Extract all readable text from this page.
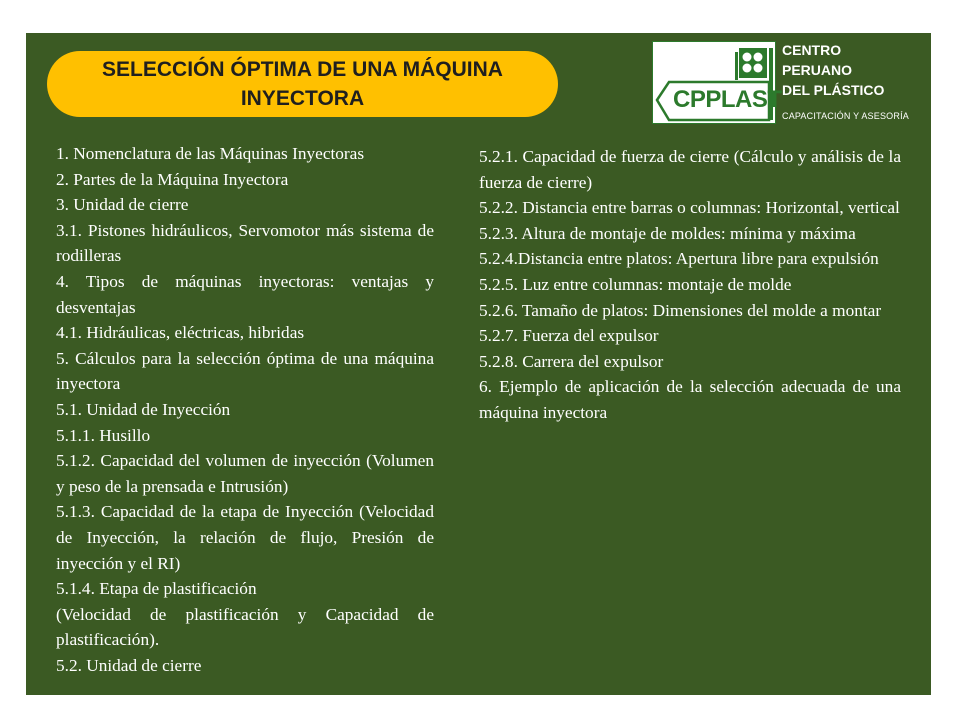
SELECCIÓN ÓPTIMA DE UNA MÁQUINA INYECTORA	CPPLAST
CENTRO
PERUANO
DEL PLÁSTICO
CAPACITACIÓN Y ASESORÍA
1. Nomenclatura de las Máquinas Inyectoras
2. Partes de la Máquina Inyectora
3. Unidad de cierre
3.1. Pistones hidráulicos, Servomotor más sistema de rodilleras
4. Tipos de máquinas inyectoras: ventajas y desventajas
4.1. Hidráulicas, eléctricas, hibridas
5. Cálculos para la selección óptima de una máquina inyectora
5.1. Unidad de Inyección
5.1.1. Husillo
5.1.2. Capacidad del volumen de inyección (Volumen y peso de la prensada e Intrusión)
5.1.3. Capacidad de la etapa de Inyección (Velocidad de Inyección, la relación de flujo, Presión de inyección y el RI)
5.1.4. Etapa de plastificación
(Velocidad de plastificación y Capacidad de plastificación).
5.2. Unidad de cierre
5.2.1. Capacidad de fuerza de cierre (Cálculo y análisis de la fuerza de cierre)
5.2.2. Distancia entre barras o columnas: Horizontal, vertical
5.2.3. Altura de montaje de moldes: mínima y máxima
5.2.4.Distancia entre platos: Apertura libre para expulsión
5.2.5. Luz entre columnas: montaje de molde
5.2.6. Tamaño de platos: Dimensiones del molde a montar
5.2.7. Fuerza del expulsor
5.2.8. Carrera del expulsor
6. Ejemplo de aplicación de la selección adecuada de una máquina inyectora
